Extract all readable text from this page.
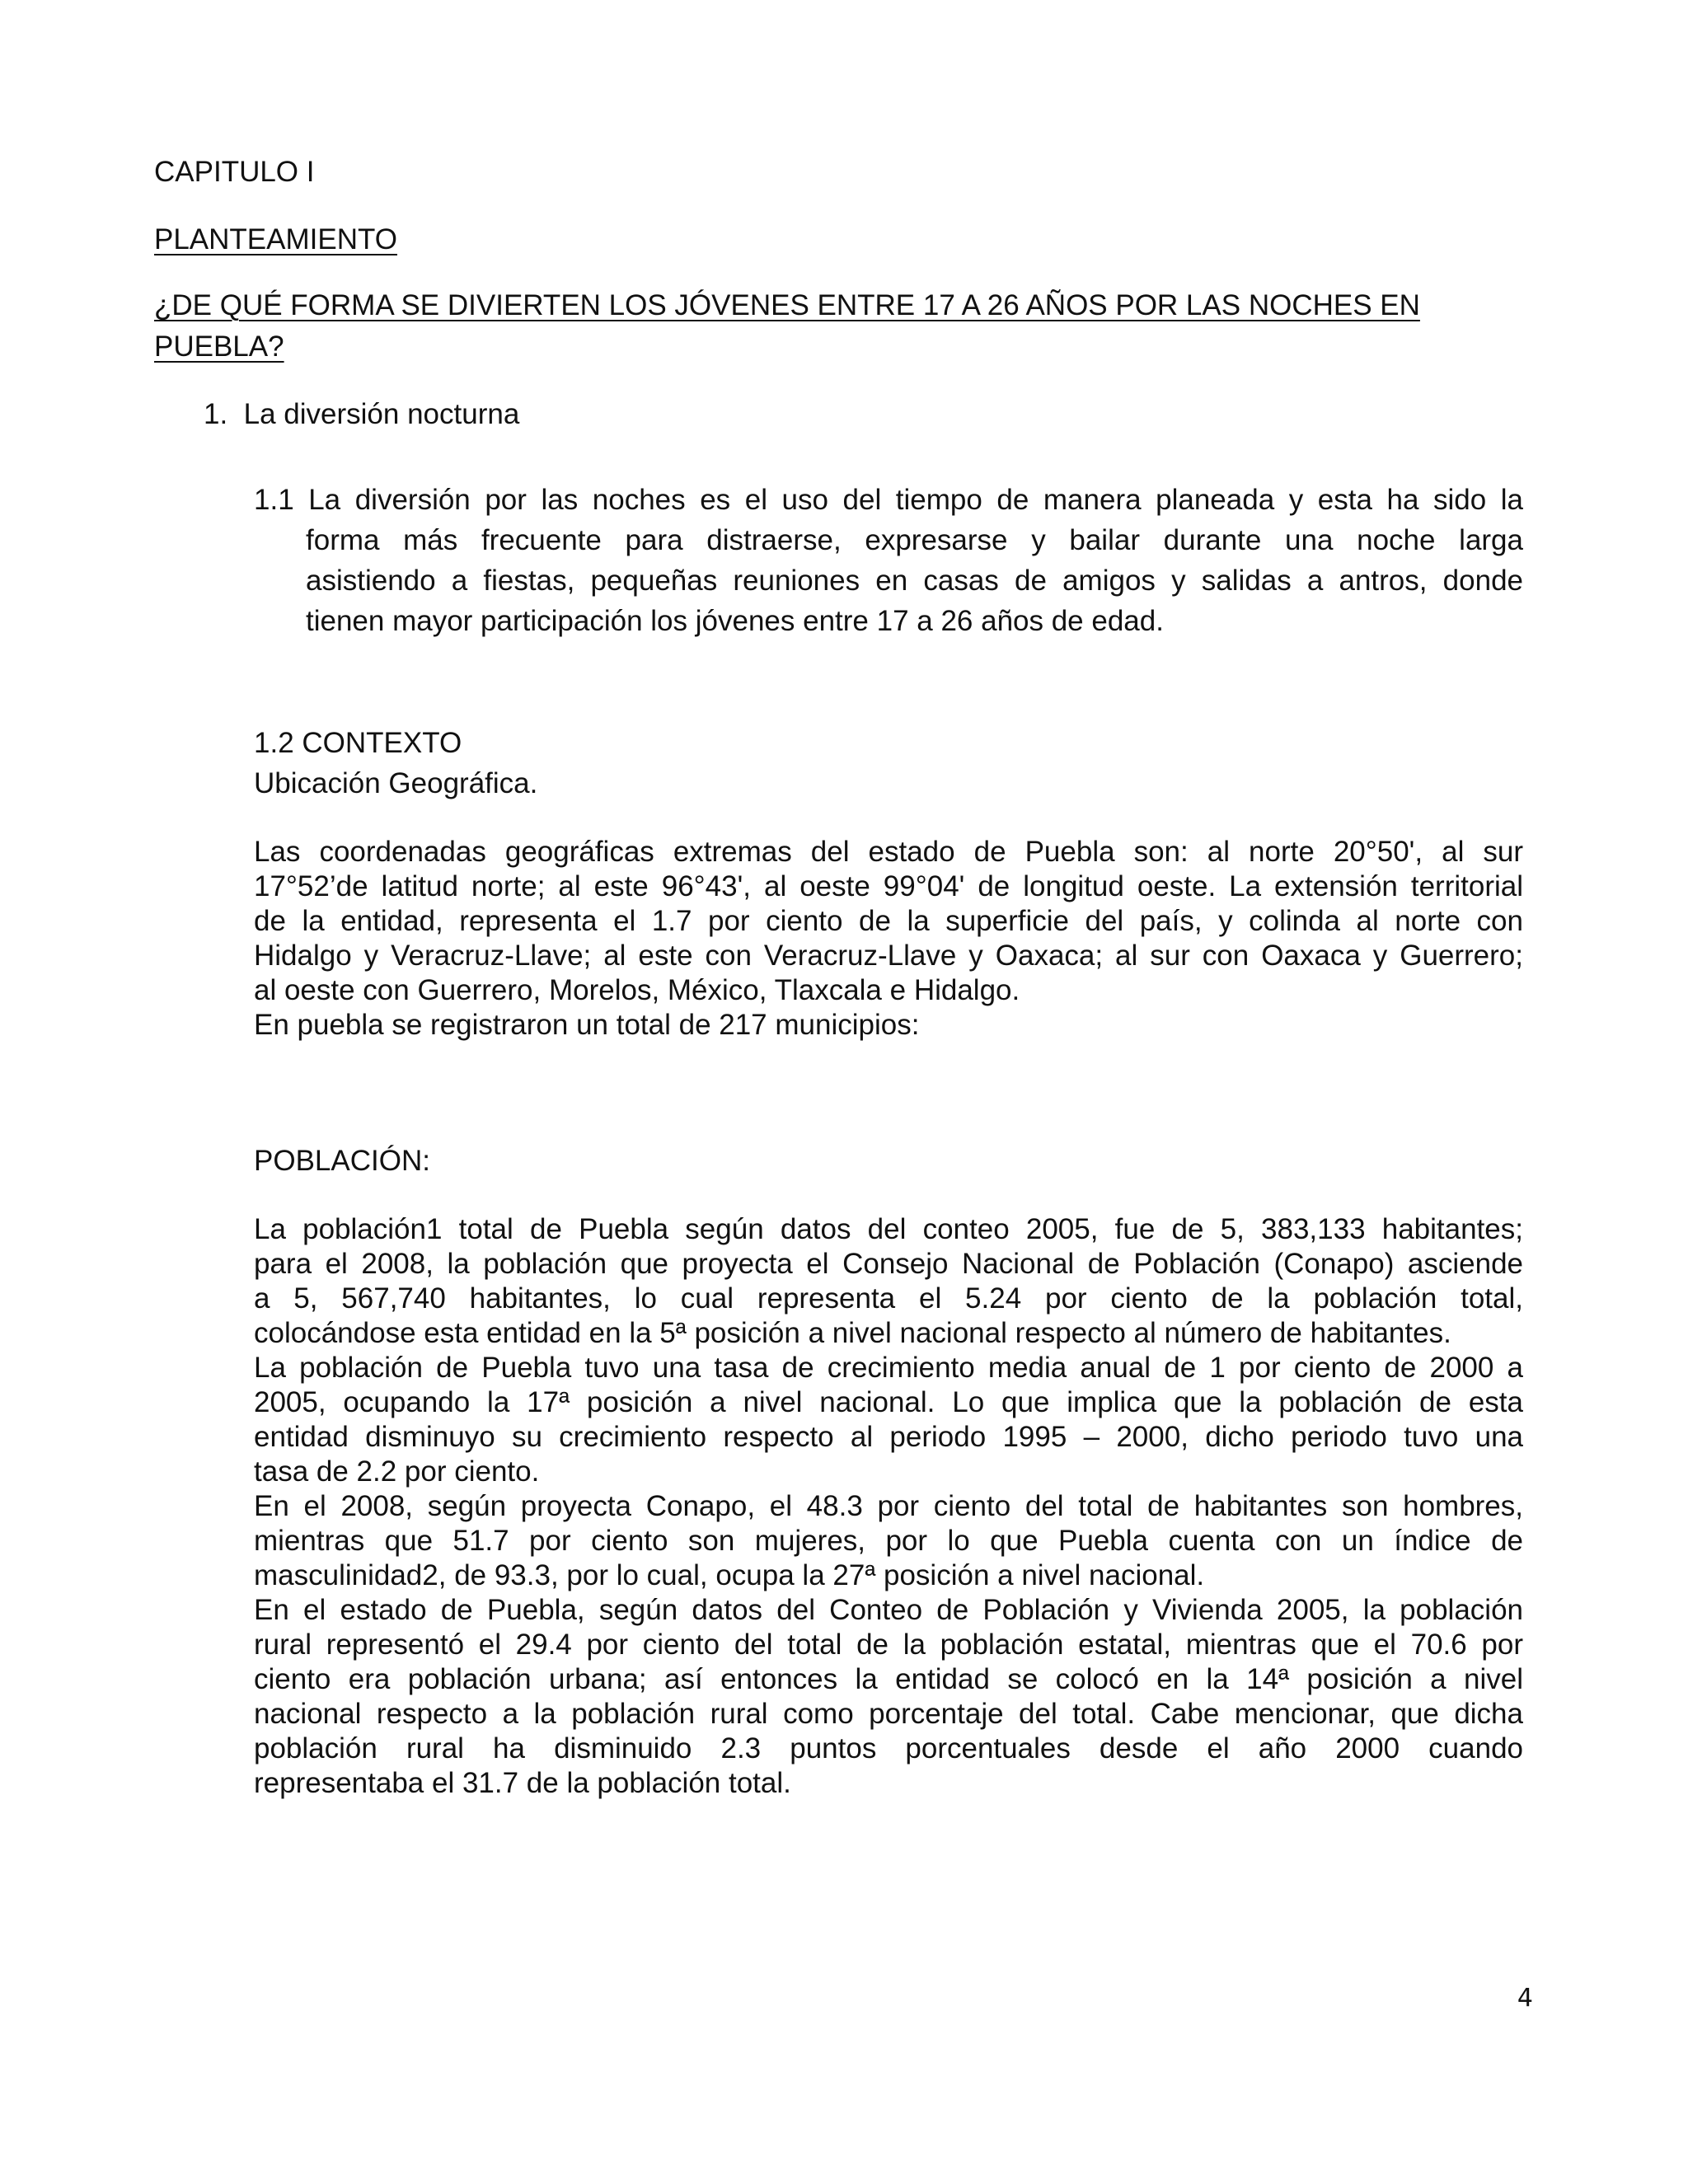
CAPITULO I

PLANTEAMIENTO

¿DE QUÉ FORMA SE DIVIERTEN LOS JÓVENES ENTRE 17 A 26 AÑOS POR LAS NOCHES EN

PUEBLA?

1.  La diversión nocturna

1.1 La diversión por las noches es el uso del tiempo de manera planeada y esta ha sido la

forma más frecuente para distraerse, expresarse y bailar durante una noche larga

asistiendo a fiestas, pequeñas reuniones en casas de amigos y salidas a antros, donde

tienen mayor participación los jóvenes entre 17 a 26 años de edad.

1.2 CONTEXTO

Ubicación Geográfica.

Las coordenadas geográficas extremas del estado de Puebla son: al norte 20°50', al sur

17°52’de latitud norte; al este 96°43', al oeste 99°04' de longitud oeste. La extensión territorial

de la entidad, representa el 1.7 por ciento de la superficie del país, y colinda al norte con

Hidalgo y Veracruz-Llave; al este con Veracruz-Llave y Oaxaca; al sur con Oaxaca y Guerrero;

al oeste con Guerrero, Morelos, México, Tlaxcala e Hidalgo.

En puebla se registraron un total de 217 municipios:

POBLACIÓN:

La población1 total de Puebla según datos del conteo 2005, fue de 5, 383,133 habitantes;

para el 2008, la población que proyecta el Consejo Nacional de Población (Conapo) asciende

a 5, 567,740 habitantes, lo cual representa el 5.24 por ciento de la población total,

colocándose esta entidad en la 5ª posición a nivel nacional respecto al número de habitantes.

La población de Puebla tuvo una tasa de crecimiento media anual de 1 por ciento de 2000 a

2005, ocupando la 17ª posición a nivel nacional. Lo que implica que la población de esta

entidad disminuyo su crecimiento respecto al periodo 1995 – 2000, dicho periodo tuvo una

tasa de 2.2 por ciento.

En el 2008, según proyecta Conapo, el 48.3 por ciento del total de habitantes son hombres,

mientras que 51.7 por ciento son mujeres, por lo que Puebla cuenta con un índice de

masculinidad2, de 93.3, por lo cual, ocupa la 27ª posición a nivel nacional.

En el estado de Puebla, según datos del Conteo de Población y Vivienda 2005, la población

rural representó el 29.4 por ciento del total de la población estatal, mientras que el 70.6 por

ciento era población urbana; así entonces la entidad se colocó en la 14ª posición a nivel

nacional respecto a la población rural como porcentaje del total. Cabe mencionar, que dicha

población rural ha disminuido 2.3 puntos porcentuales desde el año 2000 cuando

representaba el 31.7 de la población total.

4
